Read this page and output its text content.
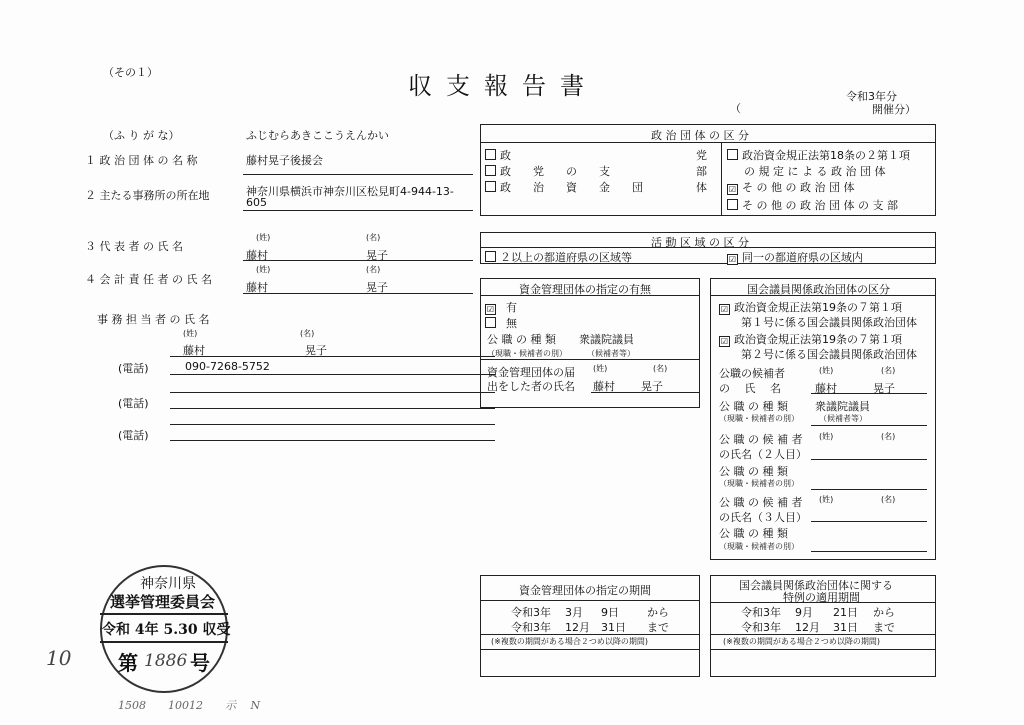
（その１）	収支報告書	令和3年分
（	開催分）
（ふ り が な）	ふじむらあきここうえんかい
１ 政 治 団 体 の 名 称	藤村晃子後援会
２ 主たる事務所の所在地	神奈川県横浜市神奈川区松見町4-944-13-
605
３ 代 表 者 の 氏 名
(姓)	(名)
藤村	晃子
４ 会 計 責 任 者 の 氏 名
(姓)	(名)
藤村	晃子
事 務 担 当 者 の 氏 名
(姓)	(名)
藤村	晃子
(電話)	090-7268-5752
(電話)
(電話)
政 治 団 体 の 区 分
政	党
政　　党　　の　　支	部
政　　治　　資　　金　　団	体
政治資金規正法第18条の２第１項
の 規 定 に よ る 政 治 団 体
☑ そ の 他 の 政 治 団 体
そ の 他 の 政 治 団 体 の 支 部
活 動 区 域 の 区 分
２以上の都道府県の区域等	☑ 同一の都道府県の区域内
資金管理団体の指定の有無
☑ 有
無
公 職 の 種 類 衆議院議員
（現職・候補者の別）	（候補者等）
資金管理団体の届
出をした者の氏名
(姓)	(名)
藤村 晃子
国会議員関係政治団体の区分
☑ 政治資金規正法第19条の７第１項
第１号に係る国会議員関係政治団体
☑ 政治資金規正法第19条の７第１項
第２号に係る国会議員関係政治団体
公職の候補者
の　 氏　 名
(姓)	(名)
藤村	晃子
公 職 の 種 類 衆議院議員
（現職・候補者の別）	（候補者等）
公 職 の 候 補 者
の氏名（２人目）
(姓)	(名)
公 職 の 種 類
（現職・候補者の別）
公 職 の 候 補 者
の氏名（３人目）
(姓)	(名)
公 職 の 種 類
（現職・候補者の別）
資金管理団体の指定の期間
令和3年 3月 9日	から
令和3年 12月 31日 まで
(※複数の期間がある場合２つめ以降の期間)
国会議員関係政治団体に関する
特例の適用期間
令和3年 9月 21日 から
令和3年 12月 31日 まで
(※複数の期間がある場合２つめ以降の期間)
神奈川県
選挙管理委員会
令和 4年 5.30 収受
第 1886 号
10
1508　　10012　　示　 N
